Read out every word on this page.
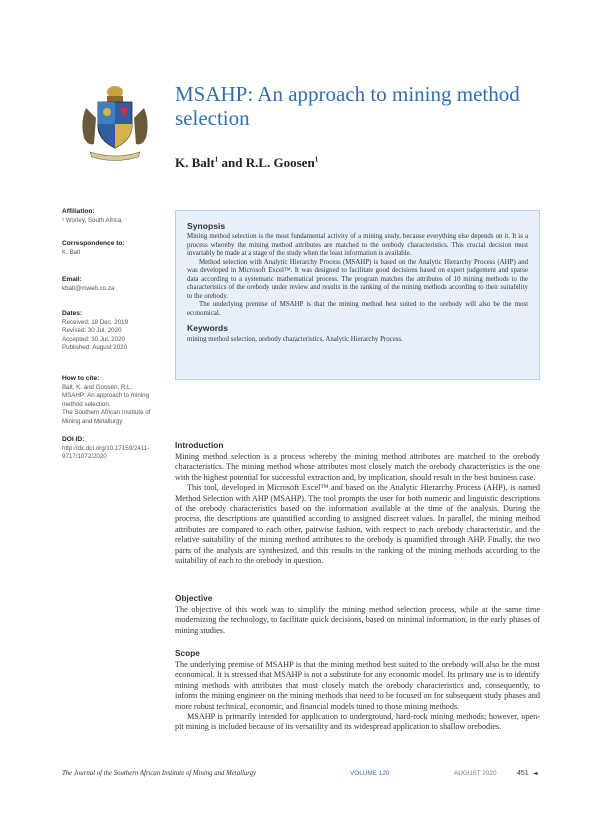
MSAHP: An approach to mining method selection
K. Balt$^1$ and R.L. Goosen$^1$
Affiliation:
¹ Worley, South Africa.
Correspondence to:
K. Balt
Email:
kbalt@mweb.co.za
Dates:
Received: 18 Dec. 2019
Revised: 30 Jul. 2020
Accepted: 30 Jul. 2020
Published: August 2020
How to cite:
Balt, K. and Goosen, R.L.
MSAHP: An approach to mining
method selection.
The Southern African Institute of
Mining and Metallurgy
DOI ID:
http://dx.doi.org/10.17159/2411-
9717/1072/2020
Synopsis

Mining method selection is the most fundamental activity of a mining study, because everything else depends on it. It is a process whereby the mining method attributes are matched to the orebody characteristics. This crucial decision must invariably be made at a stage of the study when the least information is available.

Method selection with Analytic Hierarchy Process (MSAHP) is based on the Analytic Hierarchy Process (AHP) and was developed in Microsoft Excel™. It was designed to facilitate good decisions based on expert judgement and sparse data according to a systematic mathematical process. The program matches the attributes of 10 mining methods to the characteristics of the orebody under review and results in the ranking of the mining methods according to their suitability to the orebody.

The underlying premise of MSAHP is that the mining method best suited to the orebody will also be the most economical.

Keywords

mining method selection, orebody characteristics, Analytic Hierarchy Process.

Introduction

Mining method selection is a process whereby the mining method attributes are matched to the orebody characteristics. The mining method whose attributes most closely match the orebody characteristics is the one with the highest potential for successful extraction and, by implication, should result in the best business case.

This tool, developed in Microsoft Excel™ and based on the Analytic Hierarchy Process (AHP), is named Method Selection with AHP (MSAHP). The tool prompts the user for both numeric and linguistic descriptions of the orebody characteristics based on the information available at the time of the analysis. During the process, the descriptions are quantified according to assigned discreet values. In parallel, the mining method attributes are compared to each other, pairwise fashion, with respect to each orebody characteristic, and the relative suitability of the mining method attributes to the orebody is quantified through AHP. Finally, the two parts of the analysis are synthesized, and this results in the ranking of the mining methods according to the suitability of each to the orebody in question.

Objective

The objective of this work was to simplify the mining method selection process, while at the same time modernizing the technology, to facilitate quick decisions, based on minimal information, in the early phases of mining studies.

Scope

The underlying premise of MSAHP is that the mining method best suited to the orebody will also be the most economical. It is stressed that MSAHP is not a substitute for any economic model. Its primary use is to identify mining methods with attributes that most closely match the orebody characteristics and, consequently, to inform the mining engineer on the mining methods that need to be focused on for subsequent study phases and more robust technical, economic, and financial models tuned to those mining methods.

MSAHP is primarily intended for application to underground, hard-rock mining methods; however, open-pit mining is included because of its versatility and its widespread application to shallow orebodies.

The Journal of the Southern African Institute of Mining and Metallurgy	VOLUME 120	AUGUST 2020	451 ◄
